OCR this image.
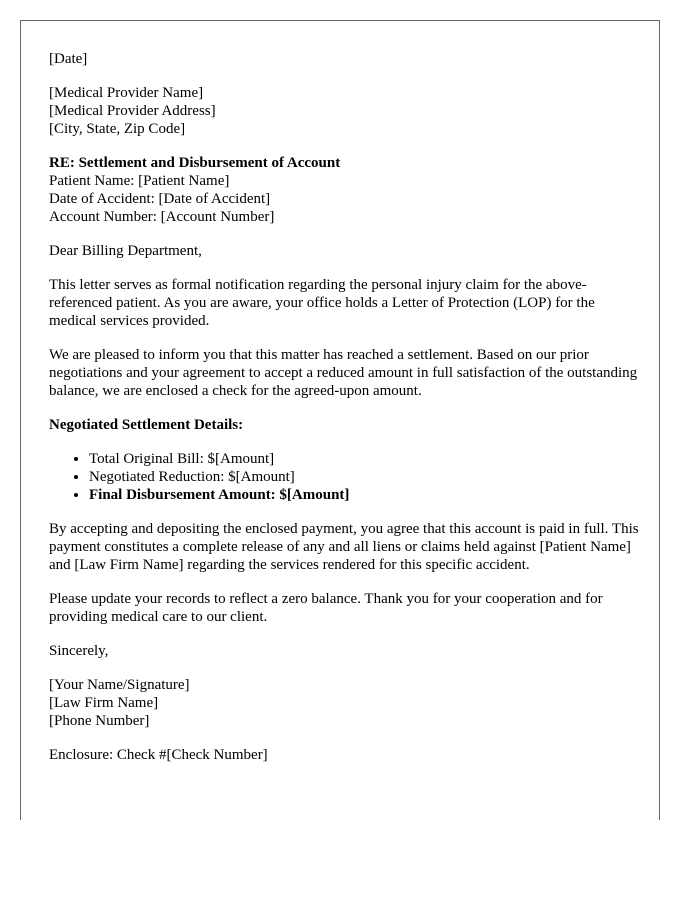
[Date]
[Medical Provider Name]
[Medical Provider Address]
[City, State, Zip Code]
RE: Settlement and Disbursement of Account
Patient Name: [Patient Name]
Date of Accident: [Date of Accident]
Account Number: [Account Number]

Dear Billing Department,

This letter serves as formal notification regarding the personal injury claim for the above-referenced patient. As you are aware, your office holds a Letter of Protection (LOP) for the medical services provided.

We are pleased to inform you that this matter has reached a settlement. Based on our prior negotiations and your agreement to accept a reduced amount in full satisfaction of the outstanding balance, we are enclosed a check for the agreed-upon amount.

Negotiated Settlement Details:

• Total Original Bill: $[Amount]
• Negotiated Reduction: $[Amount]
• Final Disbursement Amount: $[Amount]

By accepting and depositing the enclosed payment, you agree that this account is paid in full. This payment constitutes a complete release of any and all liens or claims held against [Patient Name] and [Law Firm Name] regarding the services rendered for this specific accident.

Please update your records to reflect a zero balance. Thank you for your cooperation and for providing medical care to our client.

Sincerely,

[Your Name/Signature]
[Law Firm Name]
[Phone Number]

Enclosure: Check #[Check Number]
